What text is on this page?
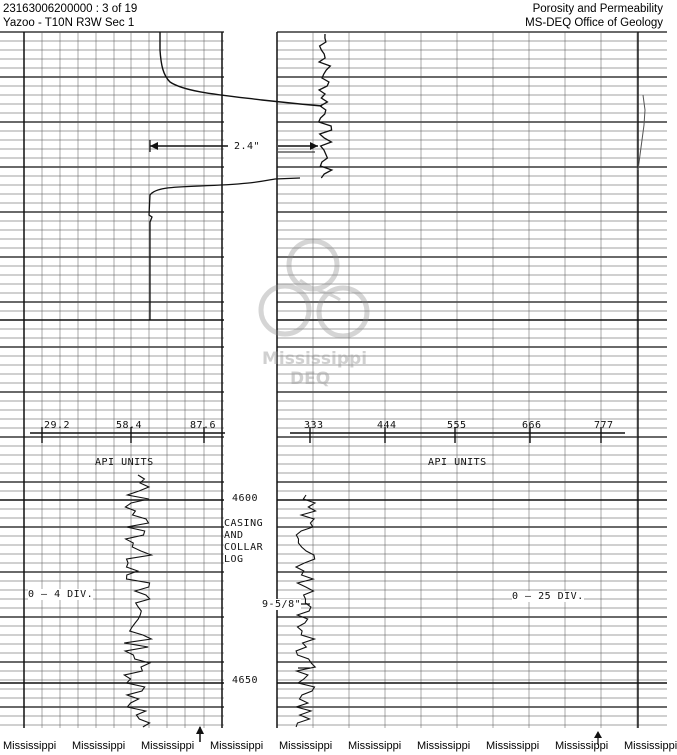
23163006200000 : 3 of 19
Yazoo - T10N R3W Sec 1
Porosity and Permeability
MS-DEQ Office of Geology
Mississippi
DEQ
29.2	58.4	87.6	333	444	555	666	777
API UNITS	API UNITS
2.4"
4600
4650
CASING
AND
COLLAR
LOG
9-5/8"
0 — 4 DIV.	0 — 25 DIV.
Mississippi Mississippi Mississippi Mississippi Mississippi Mississippi Mississippi Mississippi Mississippi Mississippi
